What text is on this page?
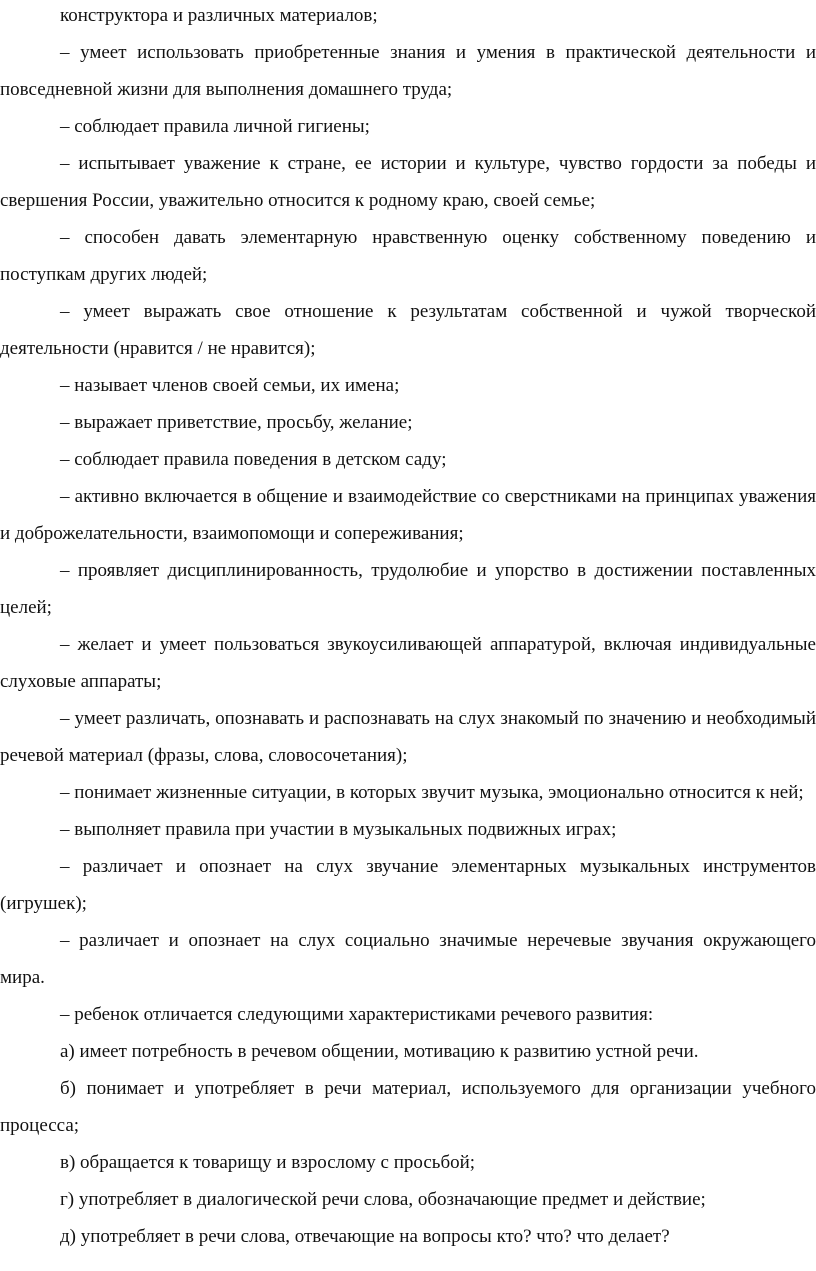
конструктора и различных материалов;

– умеет использовать приобретенные знания и умения в практической деятельности и повседневной жизни для выполнения домашнего труда;

– соблюдает правила личной гигиены;

– испытывает уважение к стране, ее истории и культуре, чувство гордости за победы и свершения России, уважительно относится к родному краю, своей семье;

– способен давать элементарную нравственную оценку собственному поведению и поступкам других людей;

– умеет выражать свое отношение к результатам собственной и чужой творческой деятельности (нравится / не нравится);

– называет членов своей семьи, их имена;

– выражает приветствие, просьбу, желание;

– соблюдает правила поведения в детском саду;

– активно включается в общение и взаимодействие со сверстниками на принципах уважения и доброжелательности, взаимопомощи и сопереживания;

– проявляет дисциплинированность, трудолюбие и упорство в достижении поставленных целей;

– желает и умеет пользоваться звукоусиливающей аппаратурой, включая индивидуальные слуховые аппараты;

– умеет различать, опознавать и распознавать на слух знакомый по значению и необходимый речевой материал (фразы, слова, словосочетания);

– понимает жизненные ситуации, в которых звучит музыка, эмоционально относится к ней;

– выполняет правила при участии в музыкальных подвижных играх;

– различает и опознает на слух звучание элементарных музыкальных инструментов (игрушек);

– различает и опознает на слух социально значимые неречевые звучания окружающего мира.

– ребенок отличается следующими характеристиками речевого развития:

а) имеет потребность в речевом общении, мотивацию к развитию устной речи.

б) понимает и употребляет в речи материал, используемого для организации учебного процесса;

в) обращается к товарищу и взрослому с просьбой;

г) употребляет в диалогической речи слова, обозначающие предмет и действие;

д) употребляет в речи слова, отвечающие на вопросы кто? что? что делает?
